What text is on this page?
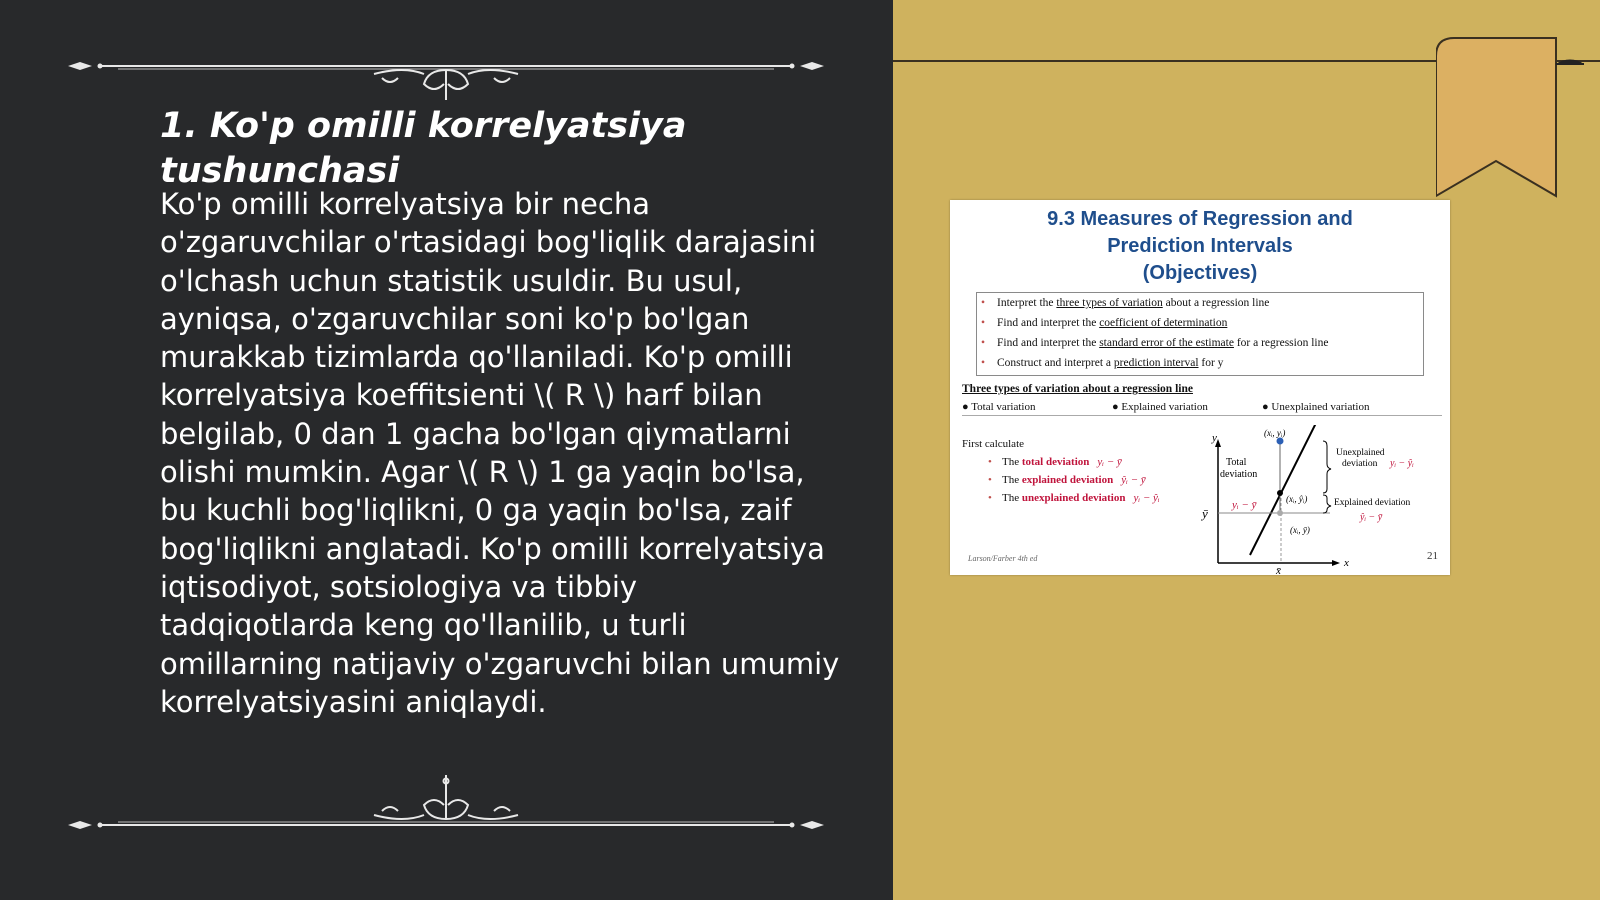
1. Ko'p omilli korrelyatsiya tushunchasi

Ko'p omilli korrelyatsiya bir necha o'zgaruvchilar o'rtasidagi bog'liqlik darajasini o'lchash uchun statistik usuldir. Bu usul, ayniqsa, o'zgaruvchilar soni ko'p bo'lgan murakkab tizimlarda qo'llaniladi. Ko'p omilli korrelyatsiya koeffitsienti \( R \) harf bilan belgilab, 0 dan 1 gacha bo'lgan qiymatlarni olishi mumkin. Agar \( R \) 1 ga yaqin bo'lsa, bu kuchli bog'liqlikni, 0 ga yaqin bo'lsa, zaif bog'liqlikni anglatadi. Ko'p omilli korrelyatsiya iqtisodiyot, sotsiologiya va tibbiy tadqiqotlarda keng qo'llanilib, u turli omillarning natijaviy o'zgaruvchi bilan umumiy korrelyatsiyasini aniqlaydi.

9.3 Measures of Regression and
Prediction Intervals
(Objectives)
• Interpret the three types of variation about a regression line
• Find and interpret the coefficient of determination
• Find and interpret the standard error of the estimate for a regression line
• Construct and interpret a prediction interval for y
Three types of variation about a regression line
● Total variation	● Explained variation	● Unexplained variation
First calculate
• The total deviation yᵢ − ȳ
• The explained deviation ŷᵢ − ȳ
• The unexplained deviation yᵢ − ŷᵢ
y
x
ȳ
x̄
(xᵢ, yᵢ)
(xᵢ, ŷᵢ)
(xᵢ, ȳ)
Total
deviation
yᵢ − ȳ
Unexplained
deviation yᵢ − ŷᵢ
Explained deviation
ŷᵢ − ȳ
Larson/Farber 4th ed	21
